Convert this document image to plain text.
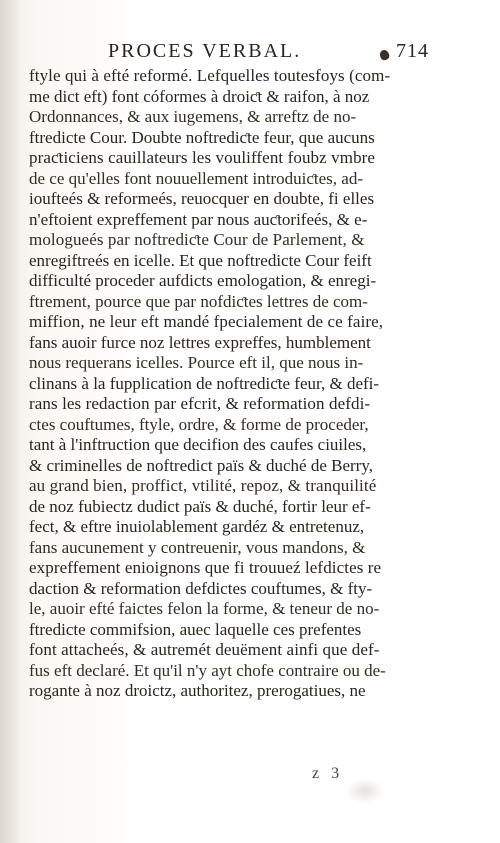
PROCES VERBAL.	714
ftyle qui à efté reformé. Lefquelles toutesfoys (com-
me dict eft) font cóformes à droiƈt & raifon, à noz
Ordonnances, & aux iugemens, & arreftz de no-
ftredicte Cour. Doubte noftrediƈte feur, que aucuns
praƈticiens cauillateurs les vouliffent foubz vmbre
de ce qu'elles font nouuellement introduiƈtes, ad-
ioufteés & reformeés, reuocquer en doubte, fi elles
n'eftoient expreffement par nous auƈtorifeés, & e-
mologueés par noftrediƈte Cour de Parlement, &
enregiftreés en icelle. Et que noftredicte Cour feift
difficulté proceder aufdicts emologation, & enregi-
ftrement, pource que par nofdiƈtes lettres de com-
miffion, ne leur eft mandé fpecialement de ce faire,
fans auoir furce noz lettres expreffes, humblement
nous requerans icelles. Pource eft il, que nous in-
clinans à la fupplication de noftrediƈte feur, & defi-
rans les redaction par efcrit, & reformation defdi-
ctes couftumes, ftyle, ordre, & forme de proceder,
tant à l'inftruction que decifion des caufes ciuiles,
& criminelles de noftredict païs & duché de Berry,
au grand bien, proffict, vtilité, repoz, & tranquilité
de noz fubiectz dudict païs & duché, fortir leur ef-
fect, & eftre inuiolablement gardéz & entretenuz,
fans aucunement y contreuenir, vous mandons, &
expreffement enioignons que fi trouueź lefdictes re
daction & reformation defdictes couftumes, & fty-
le, auoir efté faictes felon la forme, & teneur de no-
ftredicte commifsion, auec laquelle ces prefentes
font attacheés, & autremét deuëment ainfi que def-
fus eft declaré. Et qu'il n'y ayt chofe contraire ou de-
rogante à noz droictz, authoritez, prerogatiues, ne
z 3
